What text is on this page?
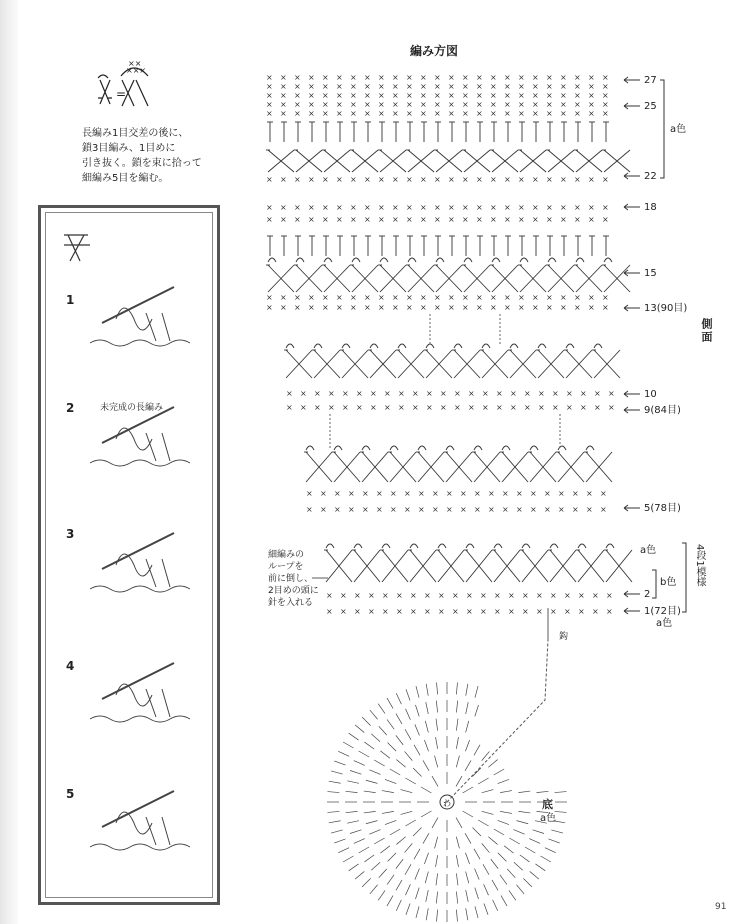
×××
××
× × × × × × × × × × × × × × × × × × × × × × × × ×
× × × × × × × × × × × × × × × × × × × × × × × × ×
× × × × × × × × × × × × × × × × × × × × × × × × ×
× × × × × × × × × × × × × × × × × × × × × × × × ×
× × × × × × × × × × × × × × × × × × × × × × × × ×
× × × × × × × × × × × × × × × × × × × × × × × × ×
× × × × × × × × × × × × × × × × × × × × × × × × ×
× × × × × × × × × × × × × × × × × × × × × × × × ×
× × × × × × × × × × × × × × × × × × × × × × × × ×
× × × × × × × × × × × × × × × × × × × × × × × × ×
× × × × × × × × × × × × × × × × × × × × × × × ×
× × × × × × × × × × × × × × × × × × × × × × × ×
× × × × × × × × × × × × × × × × × × × × × ×
× × × × × × × × × × × × × × × × × × × × × ×
× × × × × × × × × × × × × × × × × × × × ×
× × × × × × × × × × × × × × × × × × × × ×
わ
編み方図
=
長編み1目交差の後に、
鎖3目編み、1目めに
引き抜く。鎖を束に拾って
細編み5目を編む。
1
2	未完成の長編み
3
4
5
27
25
22
18
15
13(90目)
10
9(84目)
5(78目)
2
1(72目)
a色
側面
a色
b色
a色
4段1模様
細編みの
ループを
前に倒し、
2目めの頭に
針を入れる
鈎
底
a色
91
